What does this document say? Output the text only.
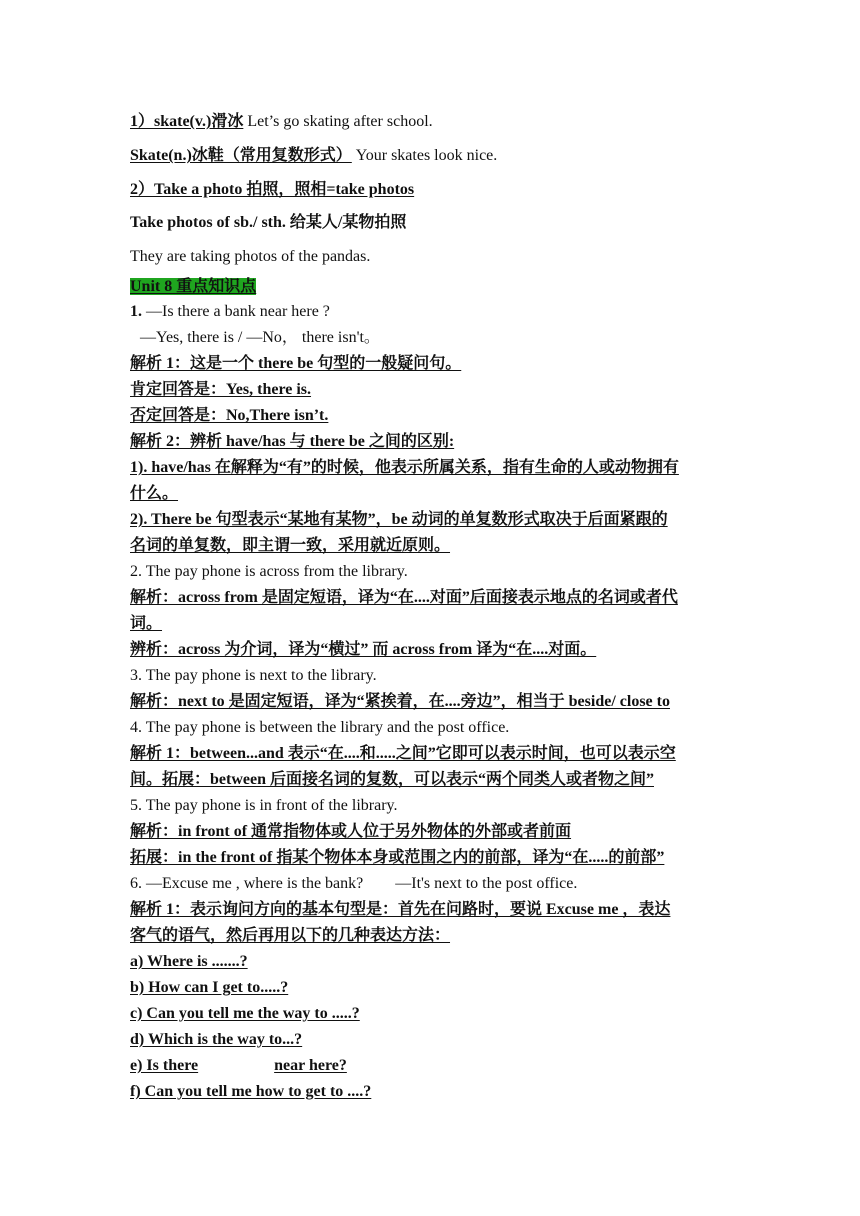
1）skate(v.)滑冰 Let’s go skating after school.
Skate(n.)冰鞋（常用复数形式） Your skates look nice.
2）Take a photo 拍照，照相=take photos
Take photos of sb./ sth. 给某人/某物拍照
They are taking photos of the pandas.
Unit 8 重点知识点
1. —Is there a bank near here ?
—Yes, there is / —No， there isn't。
解析 1：这是一个 there be 句型的一般疑问句。
肯定回答是：Yes, there is.
否定回答是：No,There isn’t.
解析 2：辨析 have/has 与 there be 之间的区别:
1). have/has 在解释为“有”的时候，他表示所属关系，指有生命的人或动物拥有
什么。
2). There be 句型表示“某地有某物”，be 动词的单复数形式取决于后面紧跟的
名词的单复数，即主谓一致，采用就近原则。
2. The pay phone is across from the library.
解析：across from 是固定短语，译为“在....对面”后面接表示地点的名词或者代
词。
辨析：across 为介词，译为“横过” 而 across from 译为“在....对面。
3. The pay phone is next to the library.
解析：next to 是固定短语，译为“紧挨着，在....旁边”，相当于 beside/ close to
4. The pay phone is between the library and the post office.
解析 1：between...and 表示“在....和.....之间”它即可以表示时间，也可以表示空
间。拓展：between 后面接名词的复数，可以表示“两个同类人或者物之间”
5. The pay phone is in front of the library.
解析：in front of 通常指物体或人位于另外物体的外部或者前面
拓展：in the front of 指某个物体本身或范围之内的前部，译为“在.....的前部”
6. —Excuse me , where is the bank?        —It's next to the post office.
解析 1：表示询问方向的基本句型是：首先在问路时，要说 Excuse me ，表达
客气的语气，然后再用以下的几种表达方法：
a) Where is .......?
b) How can I get to.....?
c) Can you tell me the way to .....?
d) Which is the way to...?
e) Is there	near here?
f) Can you tell me how to get to ....?
